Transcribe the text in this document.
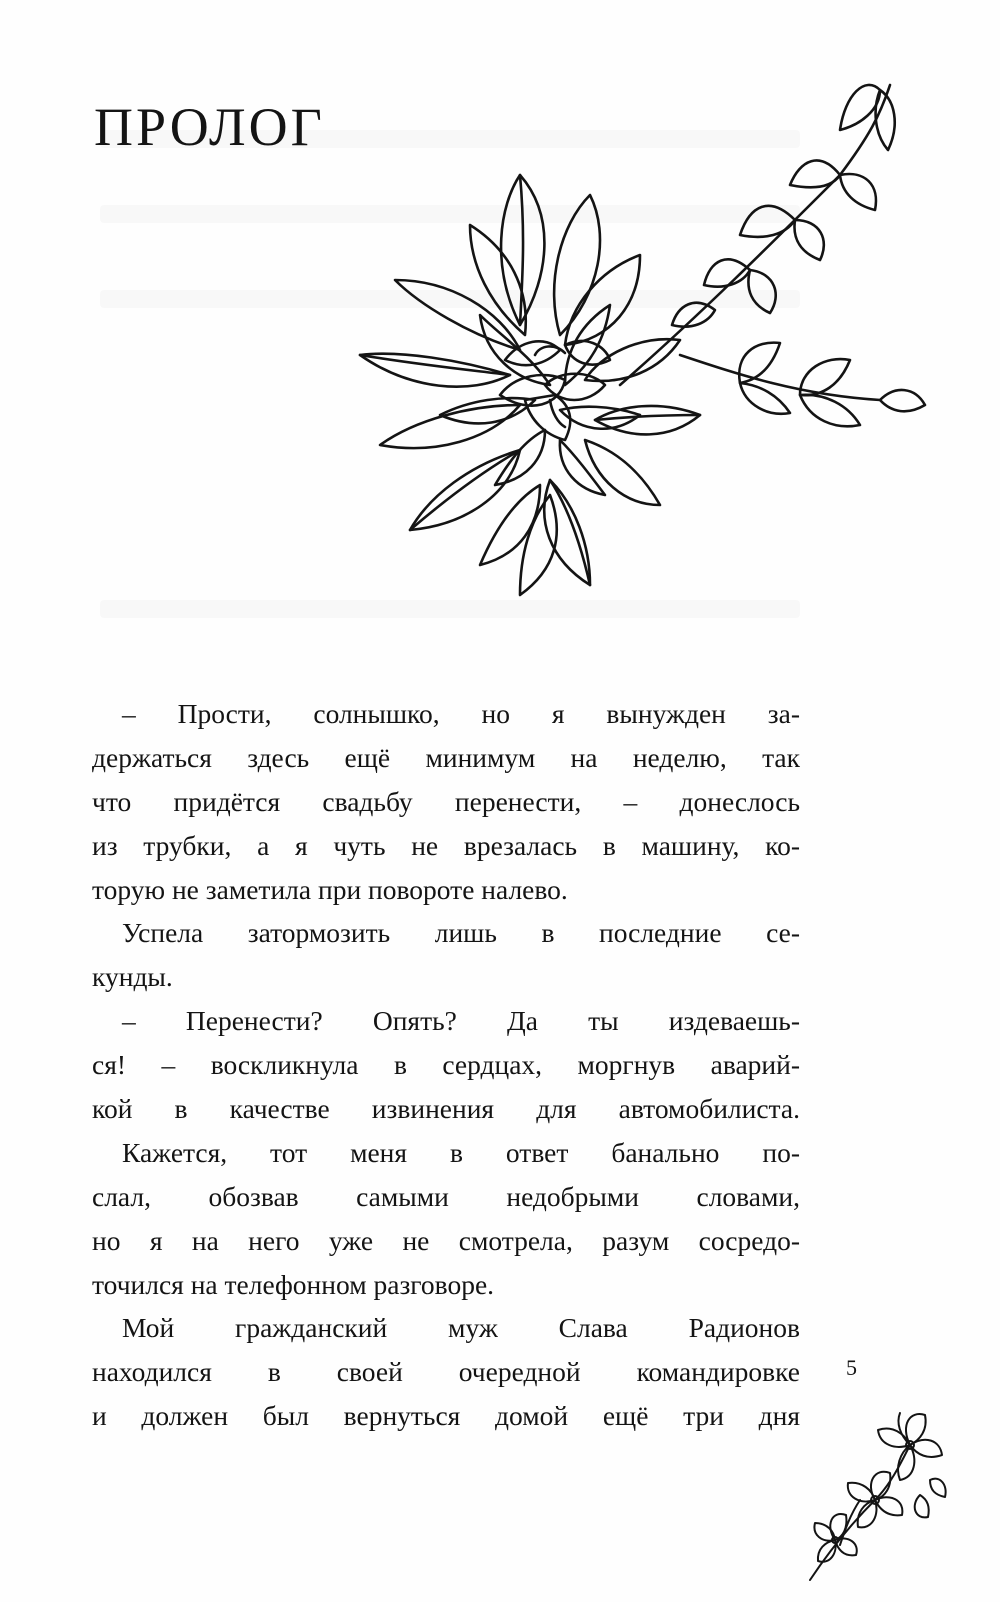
ПРОЛОГ
– Прости, солнышко, но я вынужден за-
держаться здесь ещё минимум на неделю, так
что придётся свадьбу перенести, – донеслось
из трубки, а я чуть не врезалась в машину, ко-
торую не заметила при повороте налево.
Успела затормозить лишь в последние се-
кунды.
– Перенести? Опять? Да ты издеваешь-
ся! – воскликнула в сердцах, моргнув аварий-
кой в качестве извинения для автомобилиста.
Кажется, тот меня в ответ банально по-
слал, обозвав самыми недобрыми словами,
но я на него уже не смотрела, разум сосредо-
точился на телефонном разговоре.
Мой гражданский муж Слава Радионов
находился в своей очередной командировке
и должен был вернуться домой ещё три дня
5
